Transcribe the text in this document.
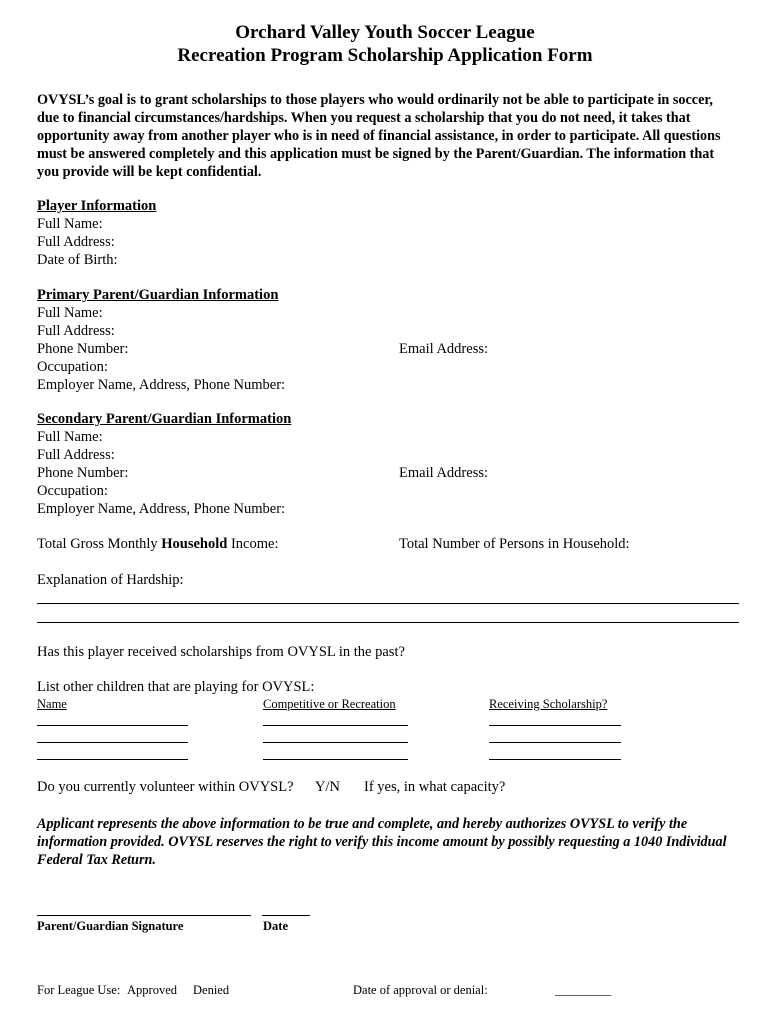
Orchard Valley Youth Soccer League
Recreation Program Scholarship Application Form
OVYSL’s goal is to grant scholarships to those players who would ordinarily not be able to participate in soccer, due to financial circumstances/hardships. When you request a scholarship that you do not need, it takes that opportunity away from another player who is in need of financial assistance, in order to participate. All questions must be answered completely and this application must be signed by the Parent/Guardian. The information that you provide will be kept confidential.
Player Information
Full Name:
Full Address:
Date of Birth:
Primary Parent/Guardian Information
Full Name:
Full Address:
Phone Number:	Email Address:
Occupation:
Employer Name, Address, Phone Number:
Secondary Parent/Guardian Information
Full Name:
Full Address:
Phone Number:	Email Address:
Occupation:
Employer Name, Address, Phone Number:
Total Gross Monthly Household Income:	Total Number of Persons in Household:
Explanation of Hardship:
Has this player received scholarships from OVYSL in the past?
List other children that are playing for OVYSL:
Name	Competitive or Recreation	Receiving Scholarship?
Do you currently volunteer within OVYSL? Y/N If yes, in what capacity?
Applicant represents the above information to be true and complete, and hereby authorizes OVYSL to verify the information provided. OVYSL reserves the right to verify this income amount by possibly requesting a 1040 Individual Federal Tax Return.
Parent/Guardian Signature	Date
For League Use: Approved Denied	Date of approval or denial:	_________
